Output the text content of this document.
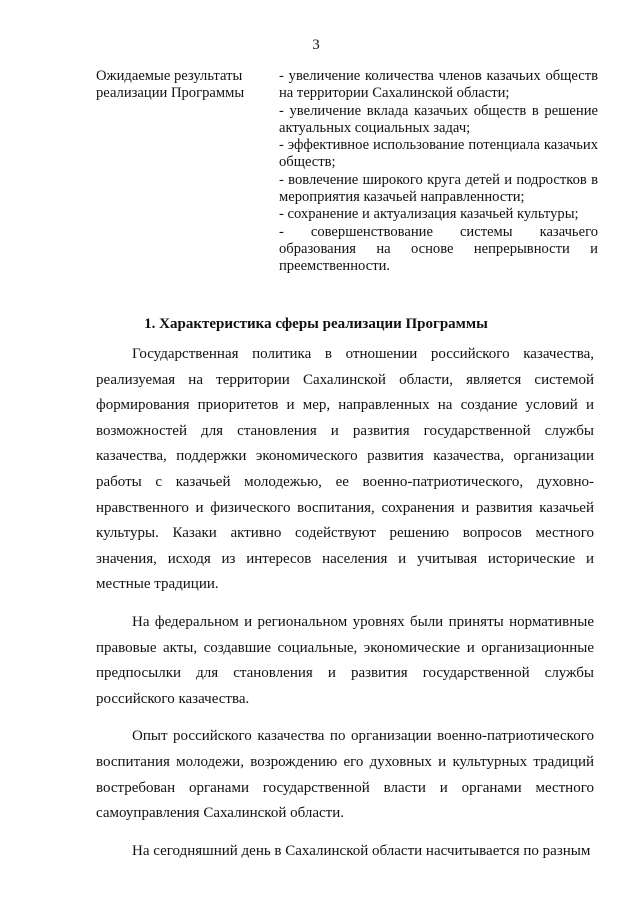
3
Ожидаемые результаты
реализации Программы
- увеличение количества членов казачьих обществ на территории Сахалинской области;
- увеличение вклада казачьих обществ в решение актуальных социальных задач;
- эффективное использование потенциала казачьих обществ;
- вовлечение широкого круга детей и подростков в мероприятия казачьей направленности;
- сохранение и актуализация казачьей культуры;
- совершенствование системы казачьего образования на основе непрерывности и преемственности.
1. Характеристика сферы реализации Программы

Государственная политика в отношении российского казачества, реализуемая на территории Сахалинской области, является системой формирования приоритетов и мер, направленных на создание условий и возможностей для становления и развития государственной службы казачества, поддержки экономического развития казачества, организации работы с казачьей молодежью, ее военно-патриотического, духовно-нравственного и физического воспитания, сохранения и развития казачьей культуры. Казаки активно содействуют решению вопросов местного значения, исходя из интересов населения и учитывая исторические и местные традиции.

На федеральном и региональном уровнях были приняты нормативные правовые акты, создавшие социальные, экономические и организационные предпосылки для становления и развития государственной службы российского казачества.

Опыт российского казачества по организации военно-патриотического воспитания молодежи, возрождению его духовных и культурных традиций востребован органами государственной власти и органами местного самоуправления Сахалинской области.

На сегодняшний день в Сахалинской области насчитывается по разным
